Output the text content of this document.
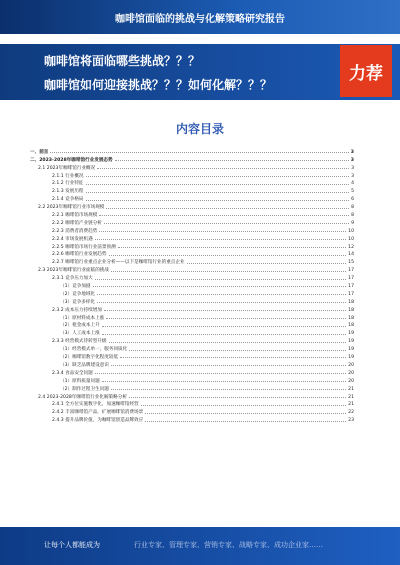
咖啡馆面临的挑战与化解策略研究报告
咖啡馆将面临哪些挑战？？？
咖啡馆如何迎接挑战？？？如何化解？？？
力荐
内容目录
一、前言	3
二、2023-2028年咖啡馆行业发展态势	3
2.1 2023年咖啡馆行业概况	3
2.1.1 行业概况	3
2.1.2 行业特征	4
2.1.3 发展历程	5
2.1.4 竞争格局	6
2.2 2023年咖啡馆行业市场规模	8
2.2.1 咖啡馆市场规模	8
2.2.2 咖啡馆产业链分析	9
2.2.3 消费者消费趋势	10
2.2.4 市场发展机遇	10
2.2.5 咖啡馆市场行业前景预测	12
2.2.6 咖啡馆行业发展趋势	14
2.2.7 咖啡馆行业重点企业分析——以下是咖啡馆行业的重点企业	15
2.3 2023年咖啡馆行业面临的挑战	17
2.3.1 竞争压力加大	17
（1）竞争加剧	17
（2）竞争地域化	17
（3）竞争多样化	18
2.3.2 成本压力持续增加	18
（1）原材料成本上涨	18
（2）租金成本上升	18
（3）人工成本上涨	19
2.3.3 经营模式待转型升级	19
（1）经营模式单一、服务同质化	19
（2）咖啡馆数字化程度较低	19
（3）缺乏品牌建设意识	20
2.3.4 食品安全问题	20
（1）原料质量问题	20
（2）制作过程卫生问题	21
2.4 2023-2028年咖啡馆行业化解策略分析	21
2.4.1 全方位实施数字化，加速咖啡馆经营	21
2.4.2 丰富咖啡馆产品，扩展咖啡馆消费场景	22
2.4.3 提升品牌价值，为咖啡馆创造品牌效应	23
让每个人都能成为	行业专家、管理专家、营销专家、战略专家、成功企业家……
